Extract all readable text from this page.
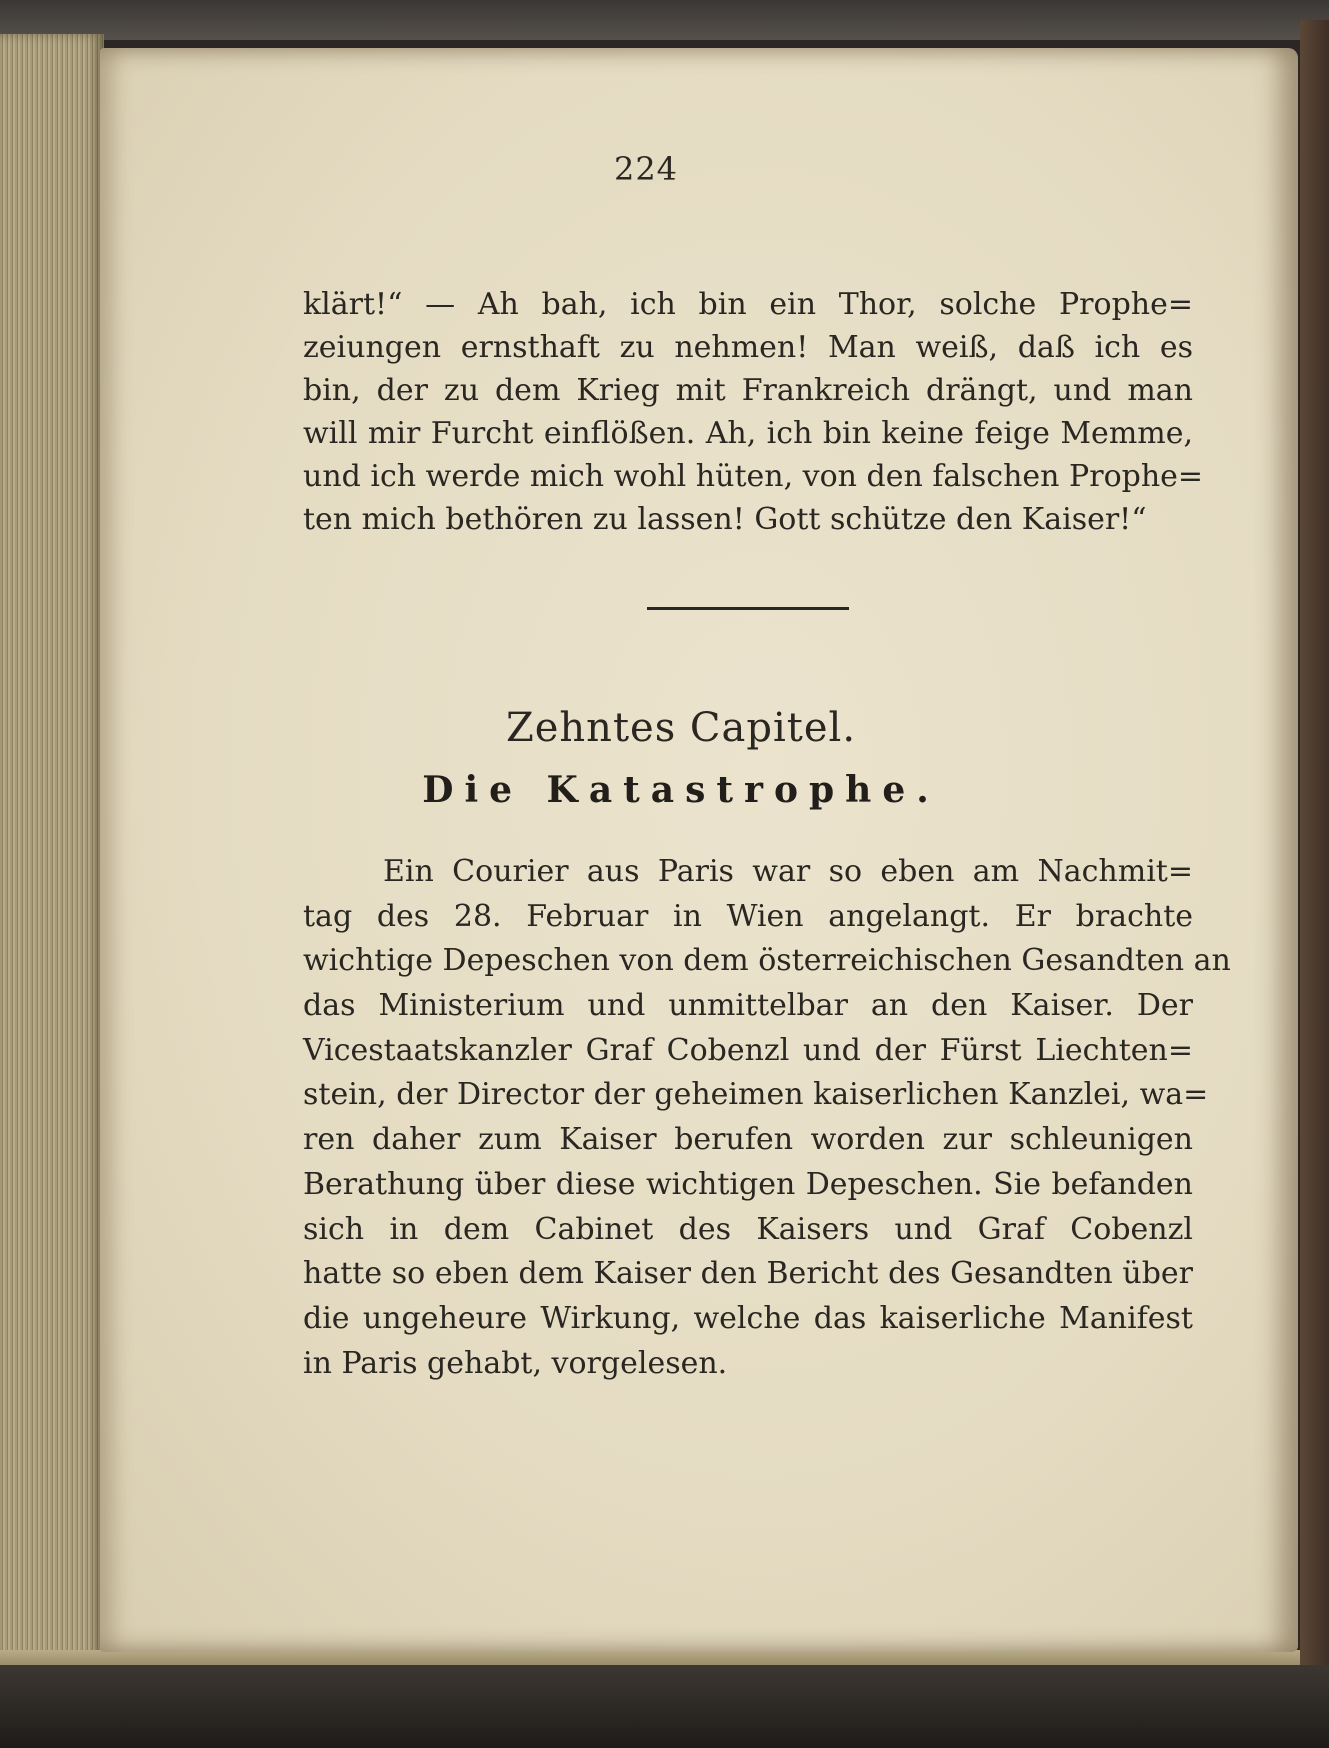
224
klärt!“ — Ah bah, ich bin ein Thor, solche Prophe=
zeiungen ernsthaft zu nehmen! Man weiß, daß ich es
bin, der zu dem Krieg mit Frankreich drängt, und man
will mir Furcht einflößen. Ah, ich bin keine feige Memme,
und ich werde mich wohl hüten, von den falschen Prophe=
ten mich bethören zu lassen! Gott schütze den Kaiser!“
Zehntes Capitel.
Die Katastrophe.
Ein Courier aus Paris war so eben am Nachmit=
tag des 28. Februar in Wien angelangt. Er brachte
wichtige Depeschen von dem österreichischen Gesandten an
das Ministerium und unmittelbar an den Kaiser. Der
Vicestaatskanzler Graf Cobenzl und der Fürst Liechten=
stein, der Director der geheimen kaiserlichen Kanzlei, wa=
ren daher zum Kaiser berufen worden zur schleunigen
Berathung über diese wichtigen Depeschen. Sie befanden
sich in dem Cabinet des Kaisers und Graf Cobenzl
hatte so eben dem Kaiser den Bericht des Gesandten über
die ungeheure Wirkung, welche das kaiserliche Manifest
in Paris gehabt, vorgelesen.
